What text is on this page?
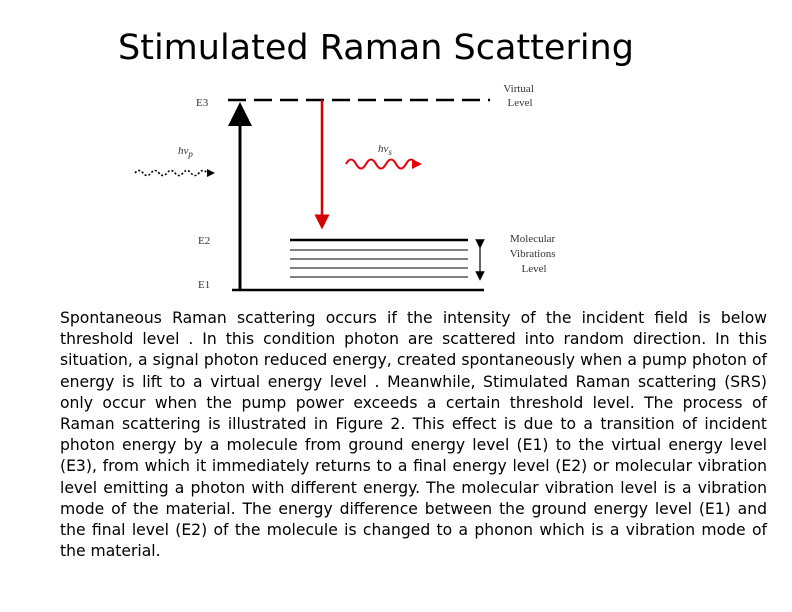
Stimulated Raman Scattering
E3
E2
E1
$hv_p$	$hv_s$
Virtual Level
Molecular Vibrations Level

Spontaneous Raman scattering occurs if the intensity of the incident field is below threshold level . In this condition photon are scattered into random direction. In this situation, a signal photon reduced energy, created spontaneously when a pump photon of energy is lift to a virtual energy level . Meanwhile, Stimulated Raman scattering (SRS) only occur when the pump power exceeds a certain threshold level. The process of Raman scattering is illustrated in Figure 2. This effect is due to a transition of incident photon energy by a molecule from ground energy level (E1) to the virtual energy level (E3), from which it immediately returns to a final energy level (E2) or molecular vibration level emitting a photon with different energy. The molecular vibration level is a vibration mode of the material. The energy difference between the ground energy level (E1) and the final level (E2) of the molecule is changed to a phonon which is a vibration mode of the material.
